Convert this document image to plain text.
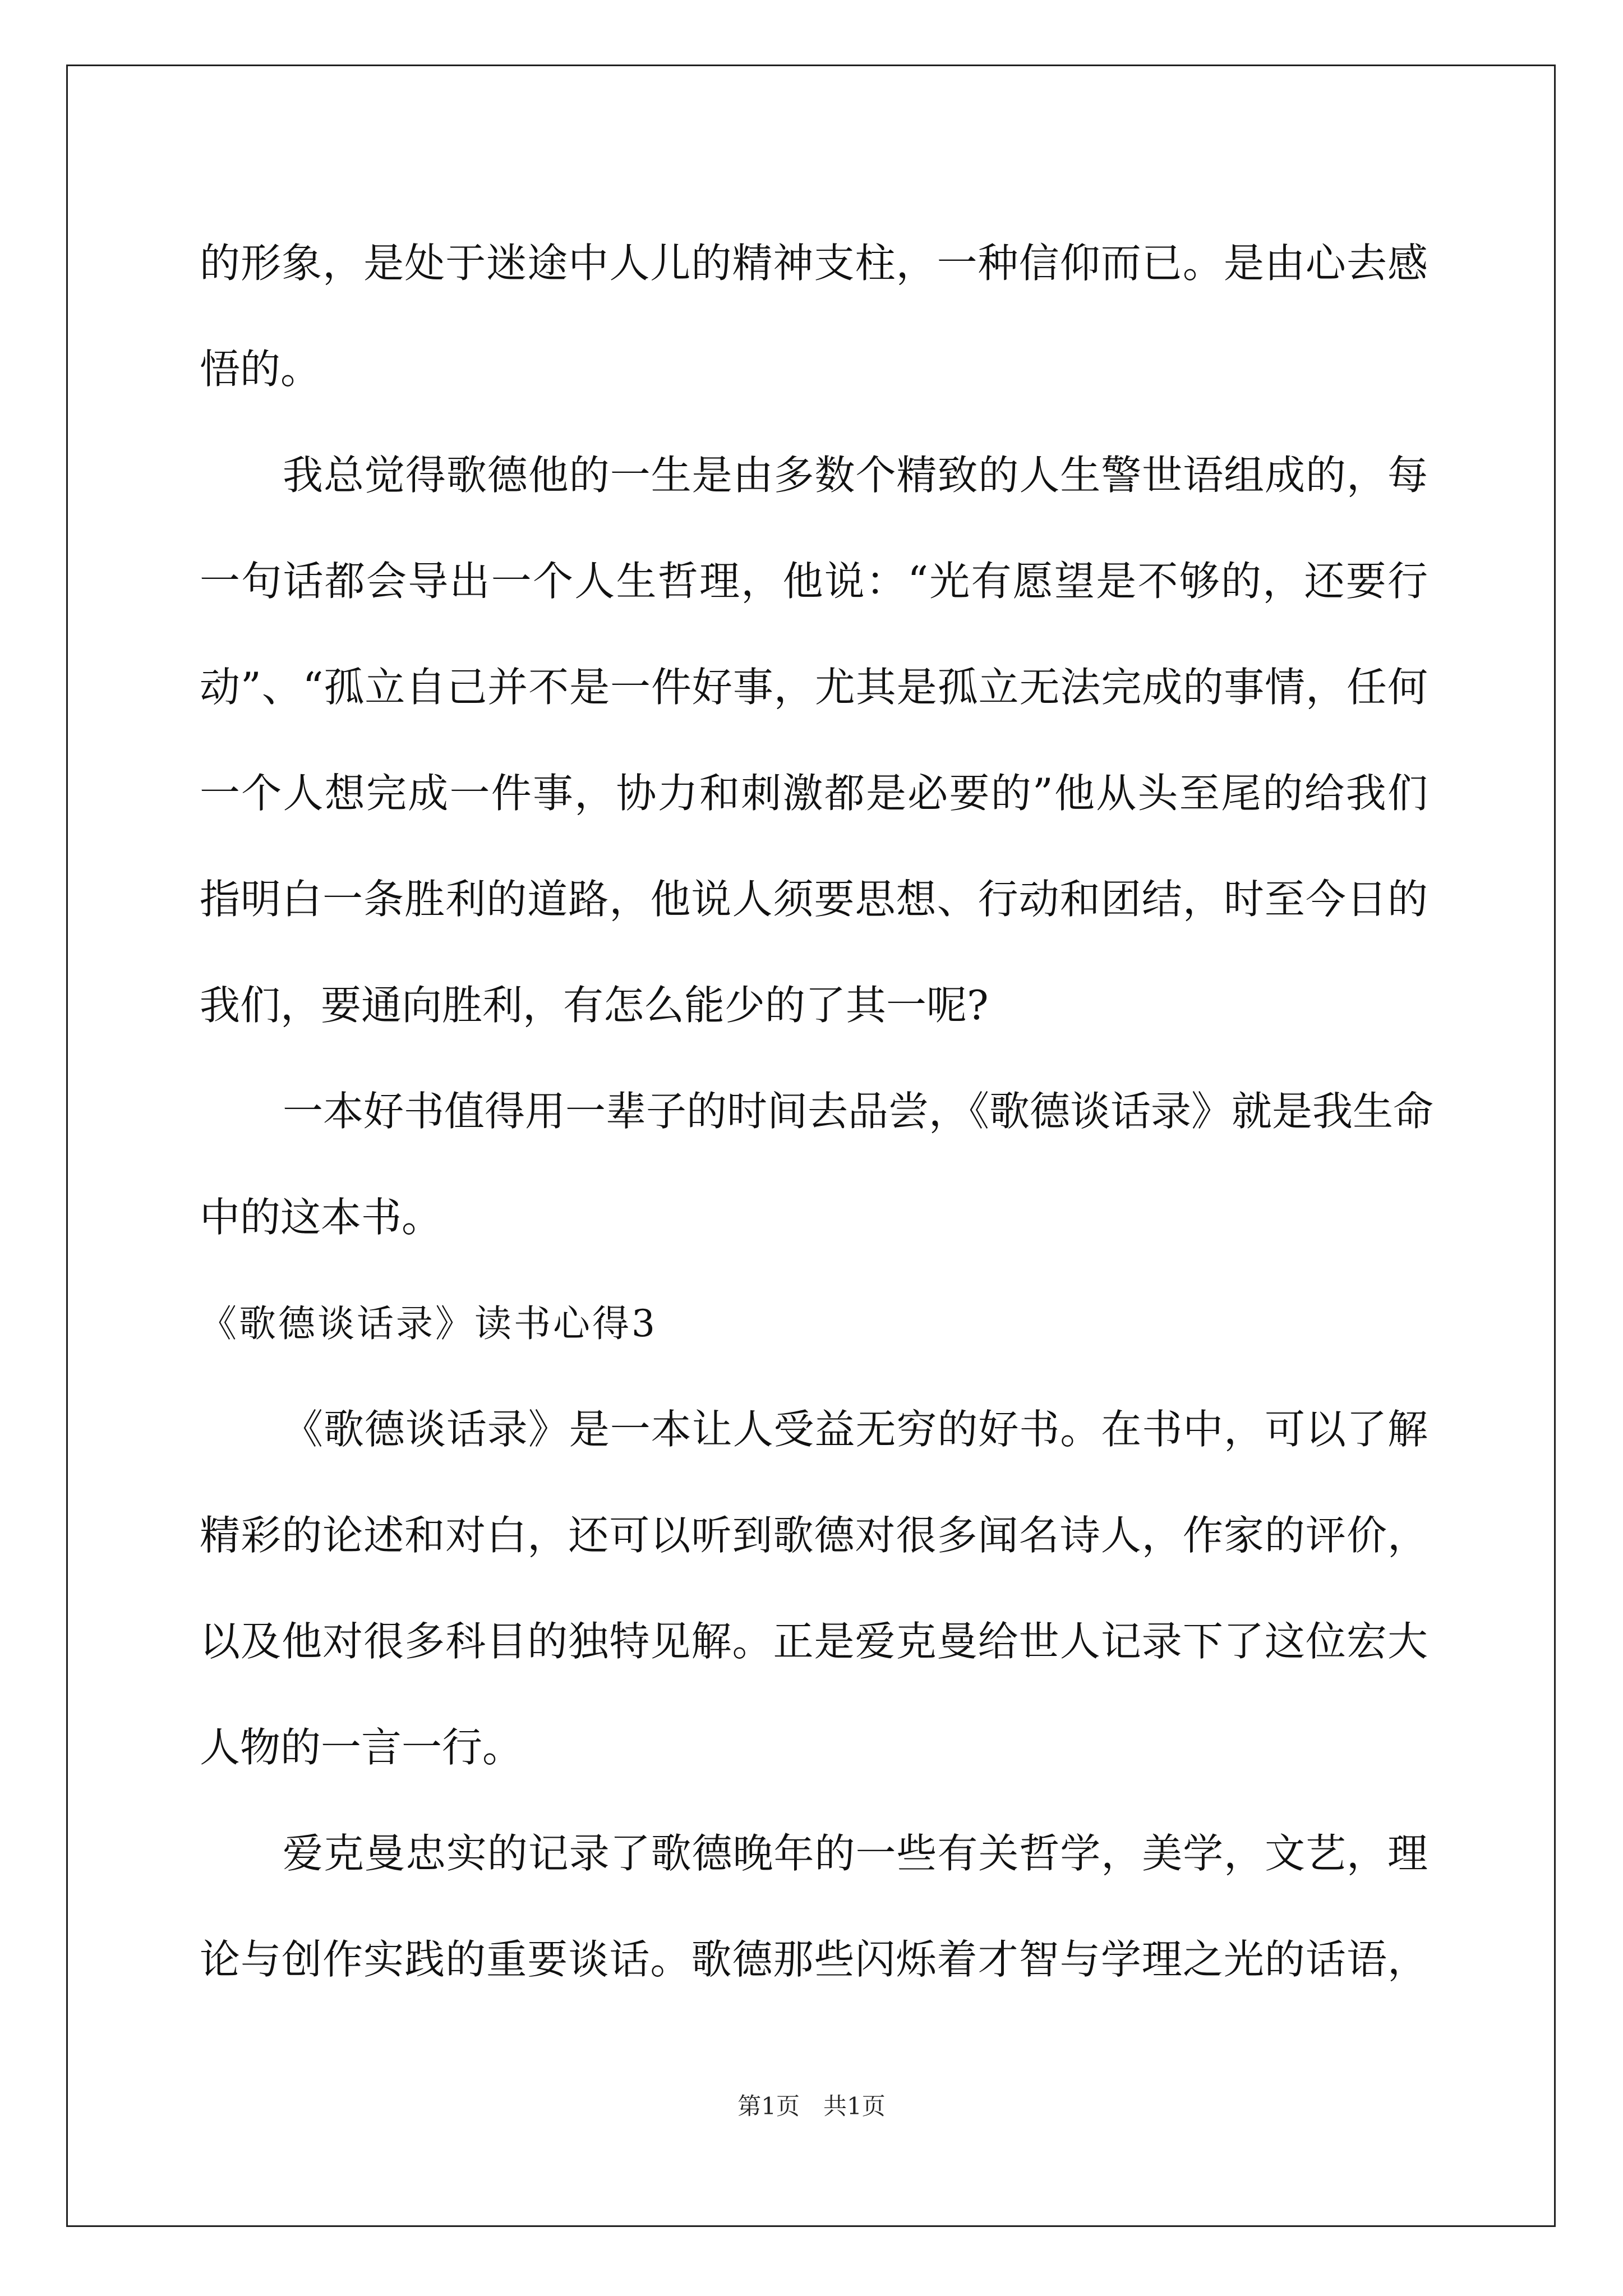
的形象，是处于迷途中人儿的精神支柱，一种信仰而已。是由心去感
悟的。
我总觉得歌德他的一生是由多数个精致的人生警世语组成的，每
一句话都会导出一个人生哲理，他说：“光有愿望是不够的，还要行
动”、“孤立自己并不是一件好事，尤其是孤立无法完成的事情，任何
一个人想完成一件事，协力和刺激都是必要的”他从头至尾的给我们
指明白一条胜利的道路，他说人须要思想、行动和团结，时至今日的
我们，要通向胜利，有怎么能少的了其一呢?
一本好书值得用一辈子的时间去品尝，《歌德谈话录》就是我生命
中的这本书。
《歌德谈话录》读书心得3
《歌德谈话录》是一本让人受益无穷的好书。在书中，可以了解
精彩的论述和对白，还可以听到歌德对很多闻名诗人，作家的评价，
以及他对很多科目的独特见解。正是爱克曼给世人记录下了这位宏大
人物的一言一行。
爱克曼忠实的记录了歌德晚年的一些有关哲学，美学，文艺，理
论与创作实践的重要谈话。歌德那些闪烁着才智与学理之光的话语，
第1页　共1页
